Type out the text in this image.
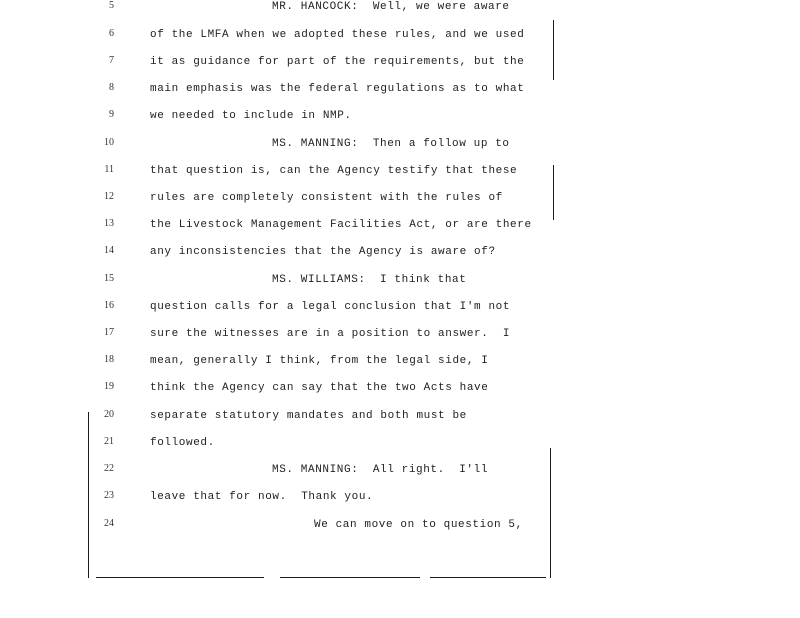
5	MR. HANCOCK:  Well, we were aware
6	of the LMFA when we adopted these rules, and we used
7	it as guidance for part of the requirements, but the
8	main emphasis was the federal regulations as to what
9	we needed to include in NMP.
10	MS. MANNING:  Then a follow up to
11	that question is, can the Agency testify that these
12	rules are completely consistent with the rules of
13	the Livestock Management Facilities Act, or are there
14	any inconsistencies that the Agency is aware of?
15	MS. WILLIAMS:  I think that
16	question calls for a legal conclusion that I'm not
17	sure the witnesses are in a position to answer.  I
18	mean, generally I think, from the legal side, I
19	think the Agency can say that the two Acts have
20	separate statutory mandates and both must be
21	followed.
22	MS. MANNING:  All right.  I'll
23	leave that for now.  Thank you.
24	We can move on to question 5,
